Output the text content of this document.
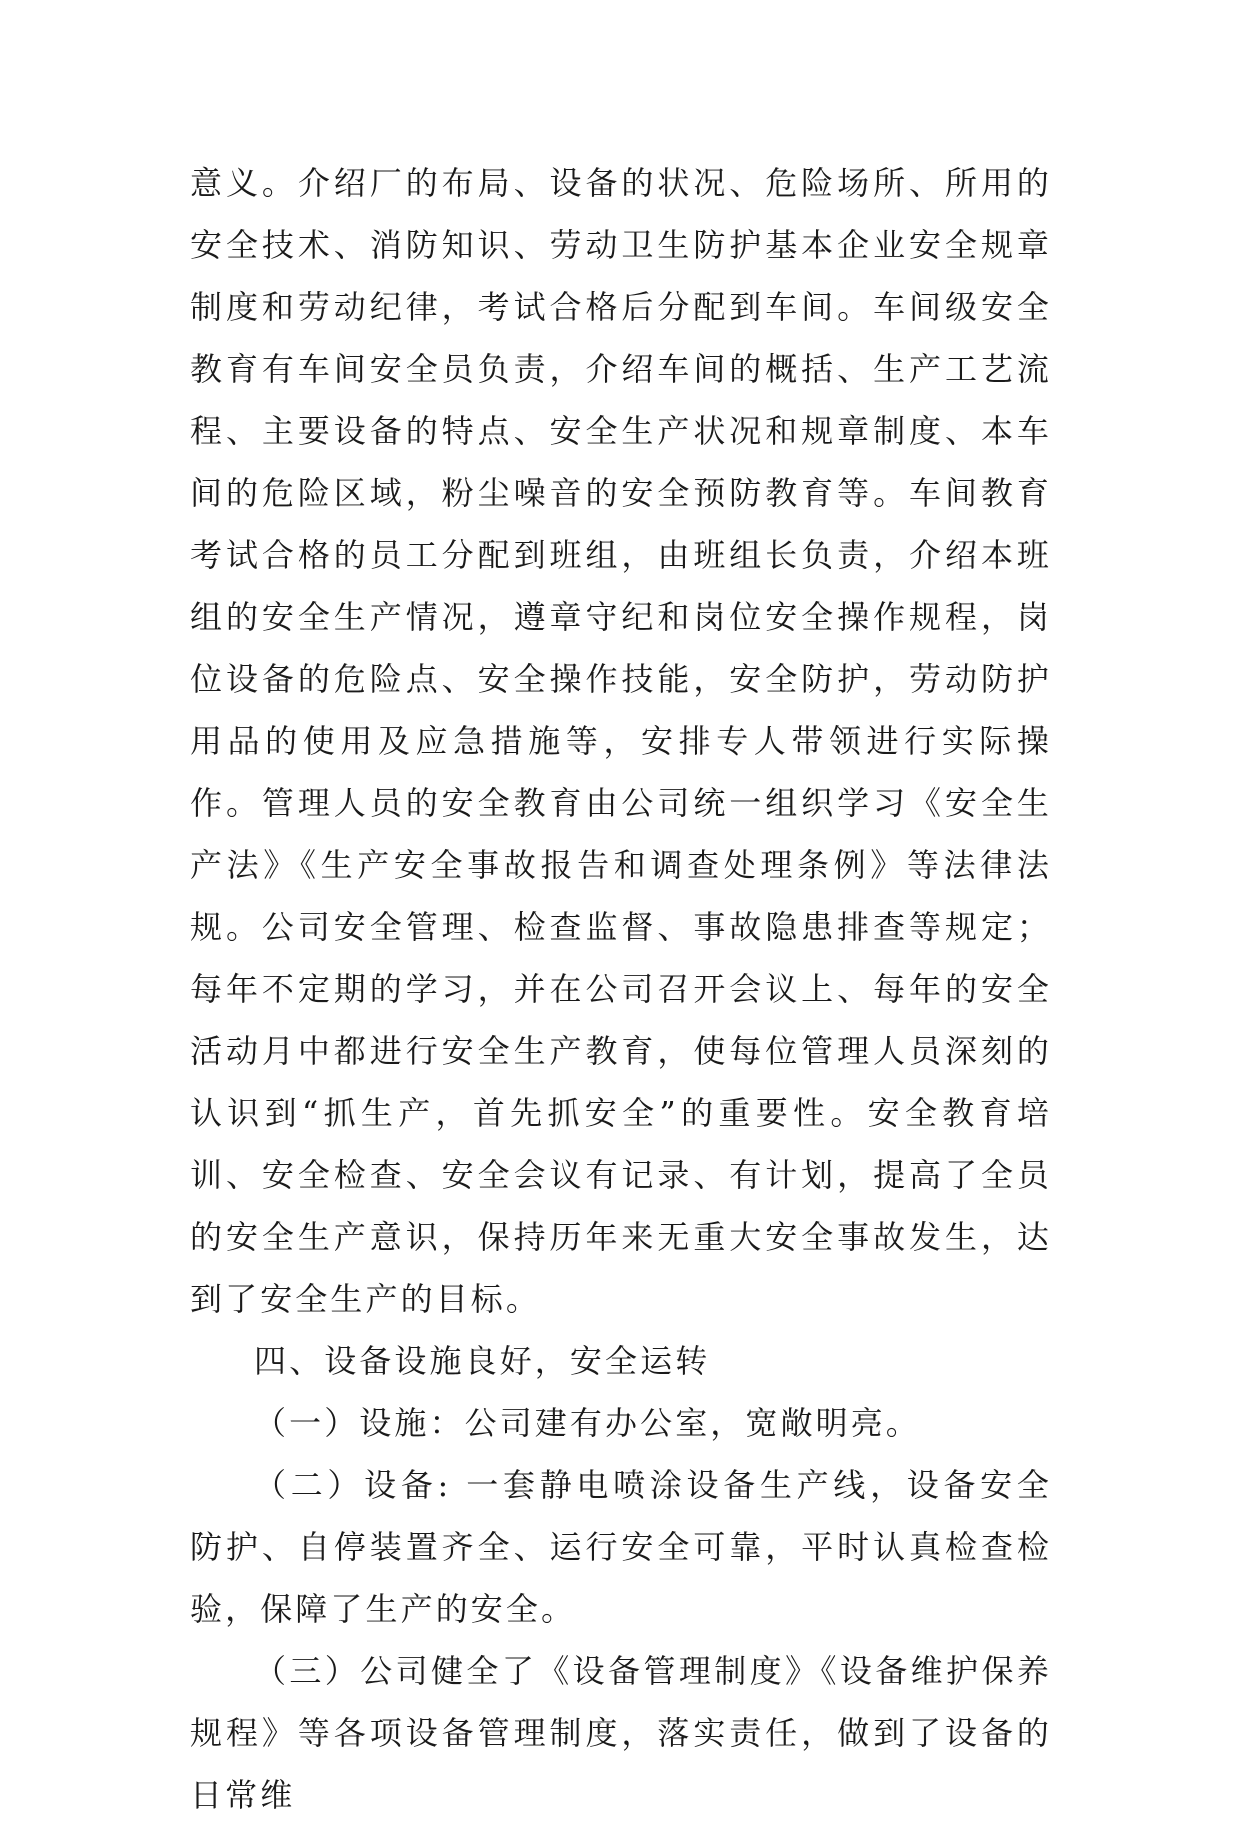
意义。介绍厂的布局、设备的状况、危险场所、所用的安全技术、消防知识、劳动卫生防护基本企业安全规章制度和劳动纪律，考试合格后分配到车间。车间级安全教育有车间安全员负责，介绍车间的概括、生产工艺流程、主要设备的特点、安全生产状况和规章制度、本车间的危险区域，粉尘噪音的安全预防教育等。车间教育考试合格的员工分配到班组，由班组长负责，介绍本班组的安全生产情况，遵章守纪和岗位安全操作规程，岗位设备的危险点、安全操作技能，安全防护，劳动防护用品的使用及应急措施等，安排专人带领进行实际操作。管理人员的安全教育由公司统一组织学习《安全生产法》《生产安全事故报告和调查处理条例》等法律法规。公司安全管理、检查监督、事故隐患排查等规定；每年不定期的学习，并在公司召开会议上、每年的安全活动月中都进行安全生产教育，使每位管理人员深刻的认识到“抓生产，首先抓安全”的重要性。安全教育培训、安全检查、安全会议有记录、有计划，提高了全员的安全生产意识，保持历年来无重大安全事故发生，达到了安全生产的目标。

四、设备设施良好，安全运转

（一）设施：公司建有办公室，宽敞明亮。

（二）设备: 一套静电喷涂设备生产线，设备安全防护、自停装置齐全、运行安全可靠，平时认真检查检验，保障了生产的安全。

（三）公司健全了《设备管理制度》《设备维护保养规程》等各项设备管理制度，落实责任，做到了设备的日常维
